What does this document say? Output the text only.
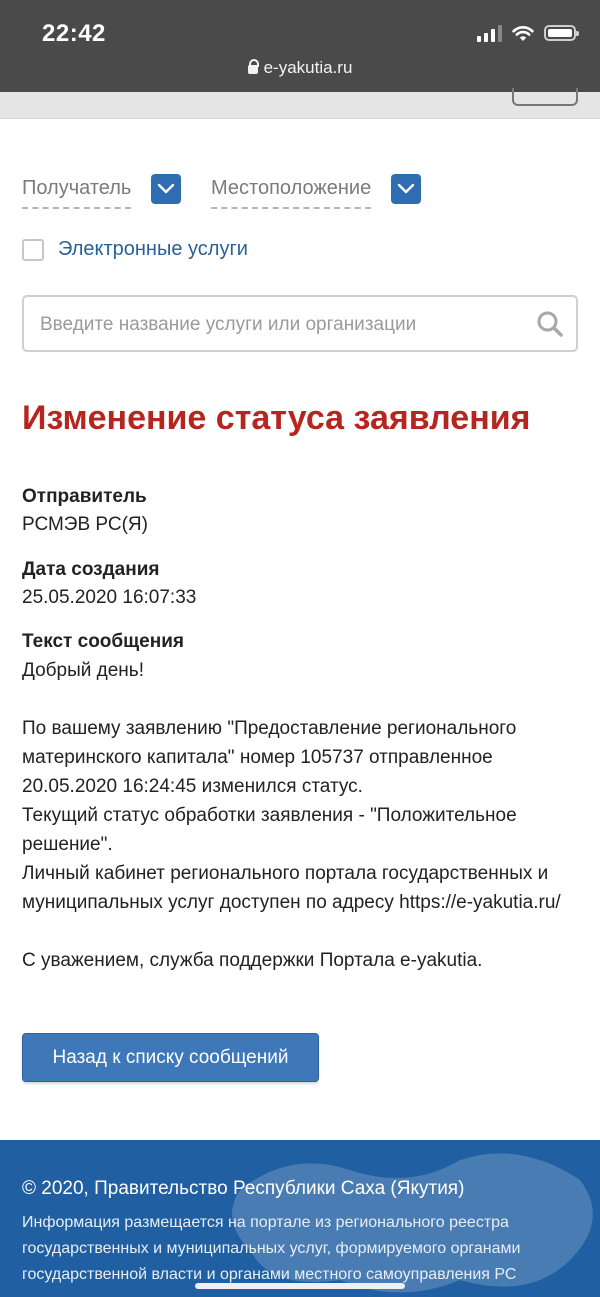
22:42
e-yakutia.ru
Получатель	Местоположение
Электронные услуги
Введите название услуги или организации
Изменение статуса заявления
Отправитель
РСМЭВ РС(Я)
Дата создания
25.05.2020 16:07:33
Текст сообщения

Добрый день!

По вашему заявлению "Предоставление регионального материнского капитала" номер 105737 отправленное 20.05.2020 16:24:45 изменился статус.

Текущий статус обработки заявления - "Положительное решение".

Личный кабинет регионального портала государственных и муниципальных услуг доступен по адресу https://e-yakutia.ru/

С уважением, служба поддержки Портала e-yakutia.

Назад к списку сообщений
© 2020, Правительство Республики Саха (Якутия)
Информация размещается на портале из регионального реестра государственных и муниципальных услуг, формируемого органами государственной власти и органами местного самоуправления РС
